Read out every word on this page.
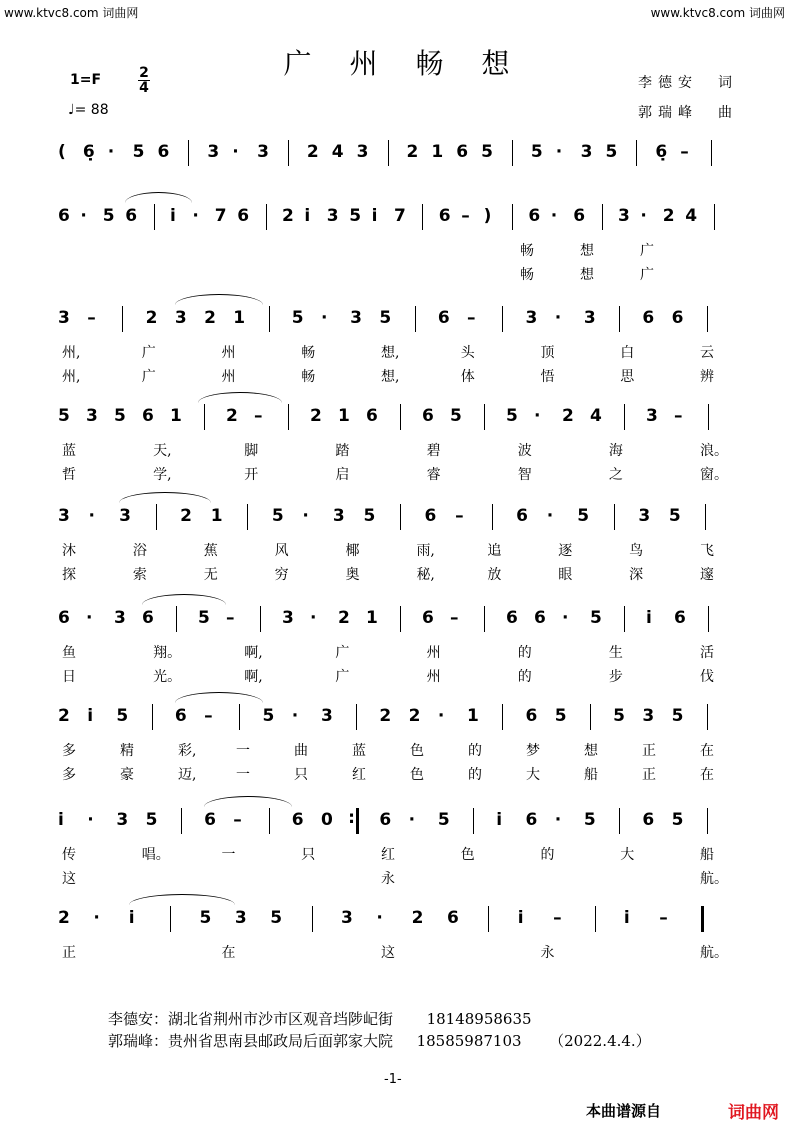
www.ktvc8.com 词曲网	www.ktvc8.com 词曲网
广州畅想
1=F	2
4
♩= 88
李德安　词
郭瑞峰　曲
( 6̣ · 5 6 3 · 3 2 4 3 2 1 6 5 5 · 3 5 6̣ –
6 · 5 6 i · 7 6 2 i 3 5 i 7 6 – ) 6 · 6 3 · 2 4
畅	想	广
畅	想	广
3 –	2 3 2 1	5 · 3 5	6 –	3 · 3	6 6
州,	广	州	畅	想,	头	顶	白	云
州,	广	州	畅	想,	体	悟	思	辨
5 3 5 6 1	2 –	2 1 6	6 5	5 · 2 4	3 –
蓝	天,	脚	踏	碧	波	海	浪。
哲	学,	开	启	睿	智	之	窗。
3 · 3	2 1	5 · 3 5	6 –	6 · 5	3 5
沐	浴	蕉	风	椰	雨,	追	逐	鸟	飞
探	索	无	穷	奥	秘,	放	眼	深	邃
6 · 3 6	5 –	3 · 2 1	6 –	6 6 · 5	i 6
鱼	翔。	啊,	广	州	的	生	活
日	光。	啊,	广	州	的	步	伐
2 i 5	6 –	5 · 3	2 2 · 1	6 5	5 3 5
多	精	彩,	一	曲	蓝	色	的	梦	想	正	在
多	豪	迈,	一	只	红	色	的	大	船	正	在
i · 3 5	6 –	6 0 : 6 · 5	i 6 · 5	6 5
传	唱。	一	只	红	色	的	大	船
这	永	航。
2 · i	5 3 5	3 · 2 6	i –	i –
正	在	这	永	航。
李德安：湖北省荆州市沙市区观音垱陟屺街 18148958635
郭瑞峰：贵州省思南县邮政局后面郭家大院 18585987103 （2022.4.4.）
-1-
本曲谱源自	词曲网
